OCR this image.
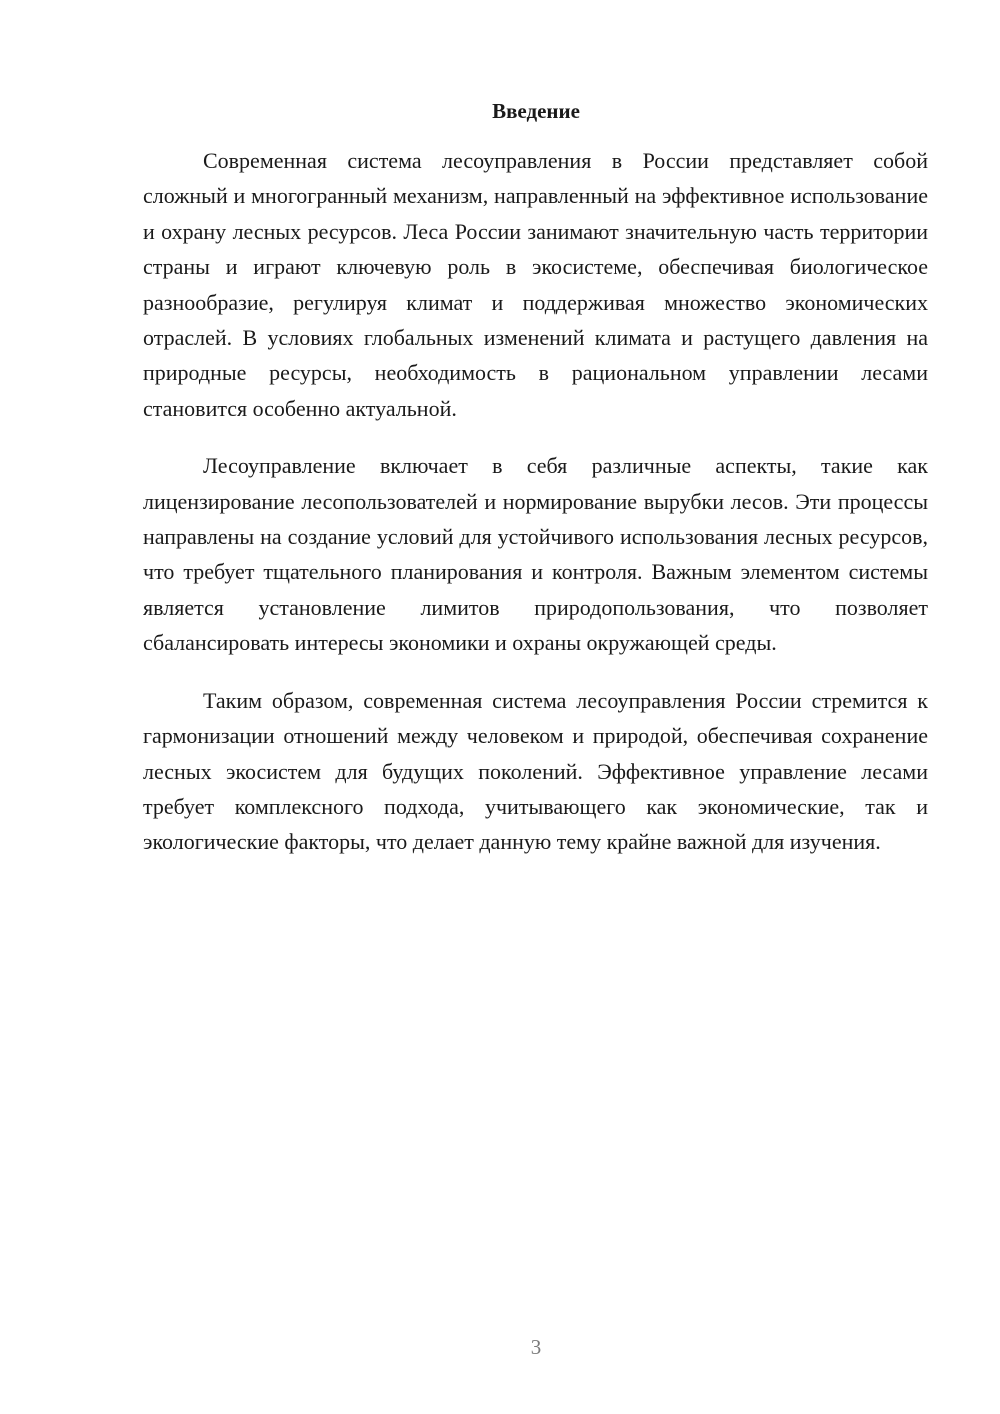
Введение

Современная система лесоуправления в России представляет собой сложный и многогранный механизм, направленный на эффективное использование и охрану лесных ресурсов. Леса России занимают значительную часть территории страны и играют ключевую роль в экосистеме, обеспечивая биологическое разнообразие, регулируя климат и поддерживая множество экономических отраслей. В условиях глобальных изменений климата и растущего давления на природные ресурсы, необходимость в рациональном управлении лесами становится особенно актуальной.

Лесоуправление включает в себя различные аспекты, такие как лицензирование лесопользователей и нормирование вырубки лесов. Эти процессы направлены на создание условий для устойчивого использования лесных ресурсов, что требует тщательного планирования и контроля. Важным элементом системы является установление лимитов природопользования, что позволяет сбалансировать интересы экономики и охраны окружающей среды.

Таким образом, современная система лесоуправления России стремится к гармонизации отношений между человеком и природой, обеспечивая сохранение лесных экосистем для будущих поколений. Эффективное управление лесами требует комплексного подхода, учитывающего как экономические, так и экологические факторы, что делает данную тему крайне важной для изучения.

3
